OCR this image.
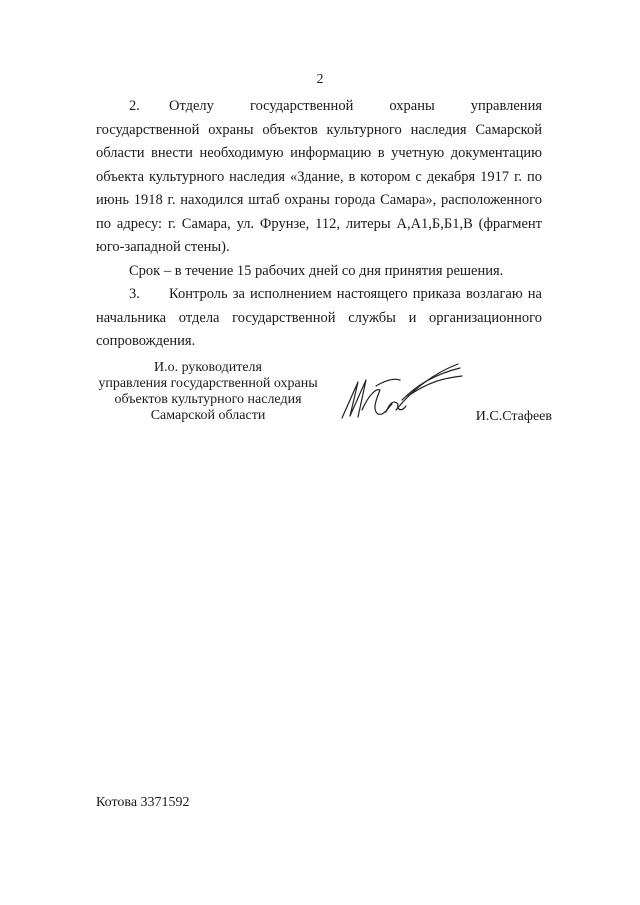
2

2. Отделу государственной охраны управления государственной охраны объектов культурного наследия Самарской области внести необходимую информацию в учетную документацию объекта культурного наследия «Здание, в котором с декабря 1917 г. по июнь 1918 г. находился штаб охраны города Самара», расположенного по адресу: г. Самара, ул. Фрунзе, 112, литеры А,А1,Б,Б1,В (фрагмент юго-западной стены).

Срок – в течение 15 рабочих дней со дня принятия решения.

3. Контроль за исполнением настоящего приказа возлагаю на начальника отдела государственной службы и организационного сопровождения.

И.о. руководителя
управления государственной охраны
объектов культурного наследия
Самарской области	И.С.Стафеев
Котова 3371592
